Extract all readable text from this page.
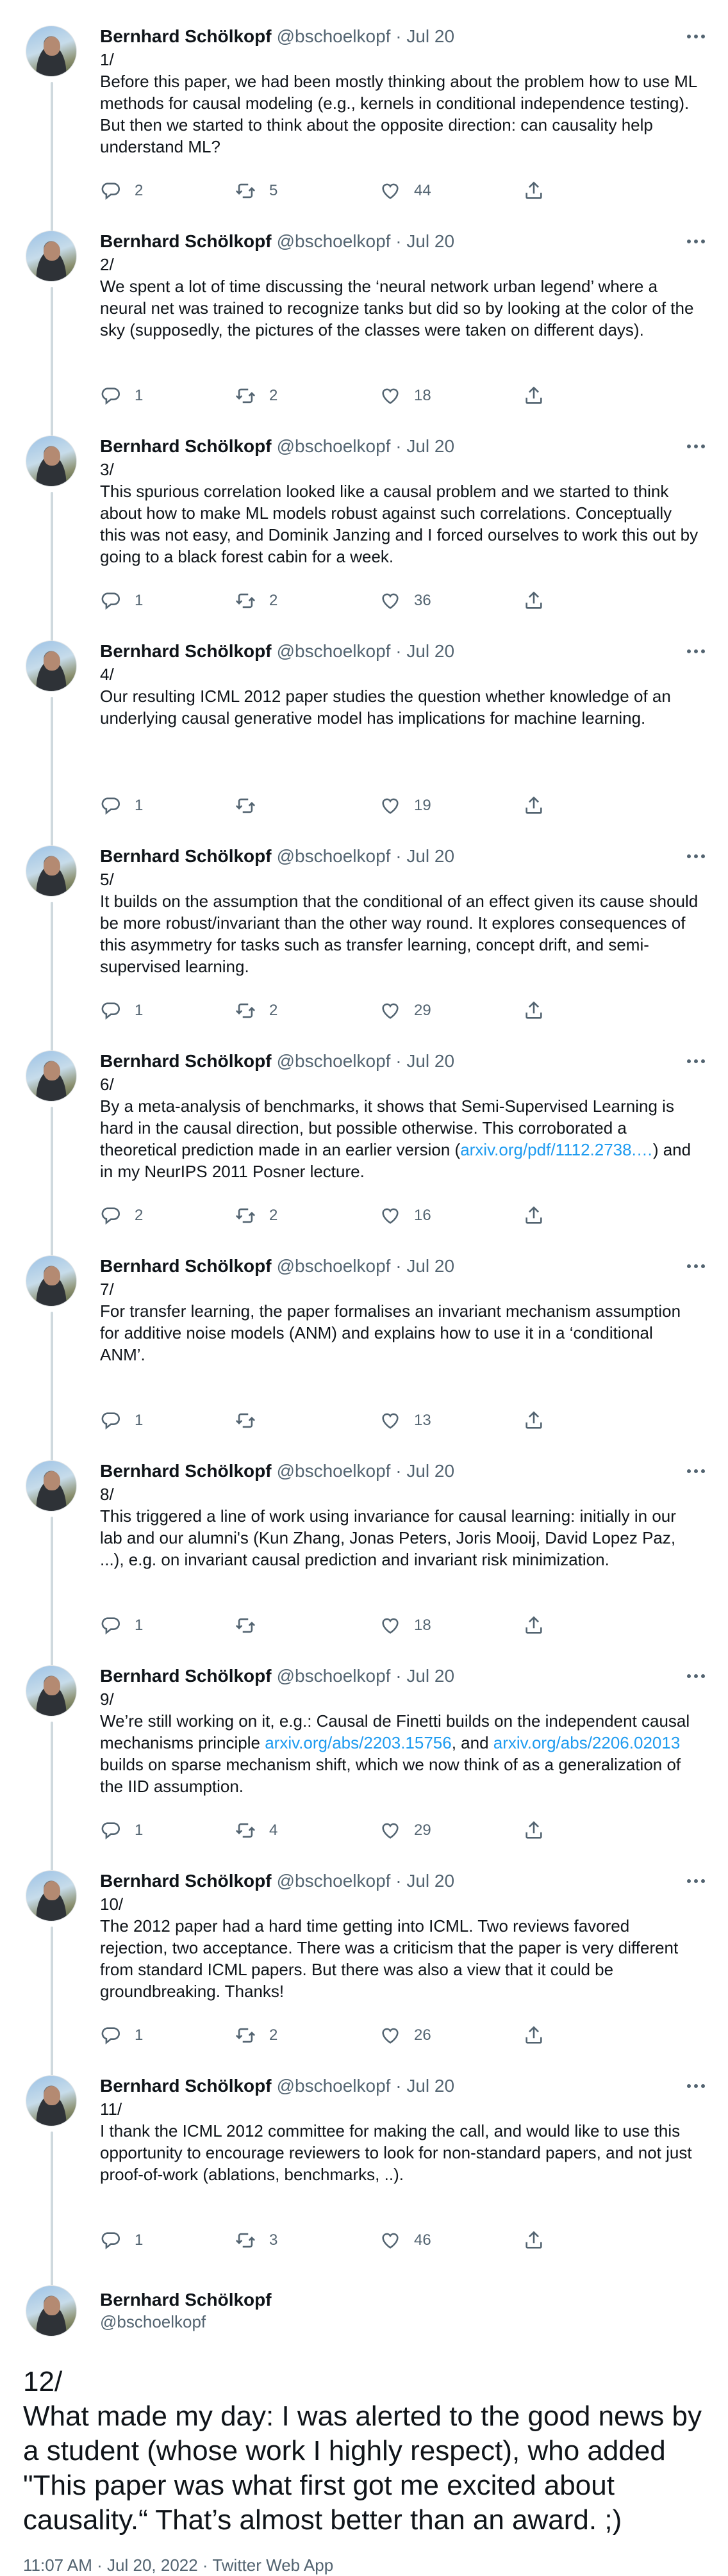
Bernhard Schölkopf @bschoelkopf · Jul 20
1/
Before this paper, we had been mostly thinking about the problem how to use ML methods for causal modeling (e.g., kernels in conditional independence testing). But then we started to think about the opposite direction: can causality help understand ML?
2	5	44
Bernhard Schölkopf @bschoelkopf · Jul 20
2/
We spent a lot of time discussing the ‘neural network urban legend’ where a neural net was trained to recognize tanks but did so by looking at the color of the sky (supposedly, the pictures of the classes were taken on different days).
1	2	18
Bernhard Schölkopf @bschoelkopf · Jul 20
3/
This spurious correlation looked like a causal problem and we started to think about how to make ML models robust against such correlations. Conceptually this was not easy, and Dominik Janzing and I forced ourselves to work this out by going to a black forest cabin for a week.
1	2	36
Bernhard Schölkopf @bschoelkopf · Jul 20
4/
Our resulting ICML 2012 paper studies the question whether knowledge of an underlying causal generative model has implications for machine learning.
1	19
Bernhard Schölkopf @bschoelkopf · Jul 20
5/
It builds on the assumption that the conditional of an effect given its cause should be more robust/invariant than the other way round. It explores consequences of this asymmetry for tasks such as transfer learning, concept drift, and semi-supervised learning.
1	2	29
Bernhard Schölkopf @bschoelkopf · Jul 20
6/
By a meta-analysis of benchmarks, it shows that Semi-Supervised Learning is hard in the causal direction, but possible otherwise. This corroborated a theoretical prediction made in an earlier version (arxiv.org/pdf/1112.2738.…) and in my NeurIPS 2011 Posner lecture.
2	2	16
Bernhard Schölkopf @bschoelkopf · Jul 20
7/
For transfer learning, the paper formalises an invariant mechanism assumption for additive noise models (ANM) and explains how to use it in a ‘conditional ANM’.
1	13
Bernhard Schölkopf @bschoelkopf · Jul 20
8/
This triggered a line of work using invariance for causal learning: initially in our lab and our alumni's (Kun Zhang, Jonas Peters, Joris Mooij, David Lopez Paz, ...), e.g. on invariant causal prediction and invariant risk minimization.
1	18
Bernhard Schölkopf @bschoelkopf · Jul 20
9/
We’re still working on it, e.g.: Causal de Finetti builds on the independent causal mechanisms principle arxiv.org/abs/2203.15756, and arxiv.org/abs/2206.02013 builds on sparse mechanism shift, which we now think of as a generalization of the IID assumption.
1	4	29
Bernhard Schölkopf @bschoelkopf · Jul 20
10/
The 2012 paper had a hard time getting into ICML. Two reviews favored rejection, two acceptance. There was a criticism that the paper is very different from standard ICML papers. But there was also a view that it could be groundbreaking. Thanks!
1	2	26
Bernhard Schölkopf @bschoelkopf · Jul 20
11/
I thank the ICML 2012 committee for making the call, and would like to use this opportunity to encourage reviewers to look for non-standard papers, and not just proof-of-work (ablations, benchmarks, ..).
1	3	46
Bernhard Schölkopf
@bschoelkopf
12/
What made my day: I was alerted to the good news by a student (whose work I highly respect), who added "This paper was what first got me excited about causality.“ That’s almost better than an award. ;)
11:07 AM · Jul 20, 2022 · Twitter Web App
